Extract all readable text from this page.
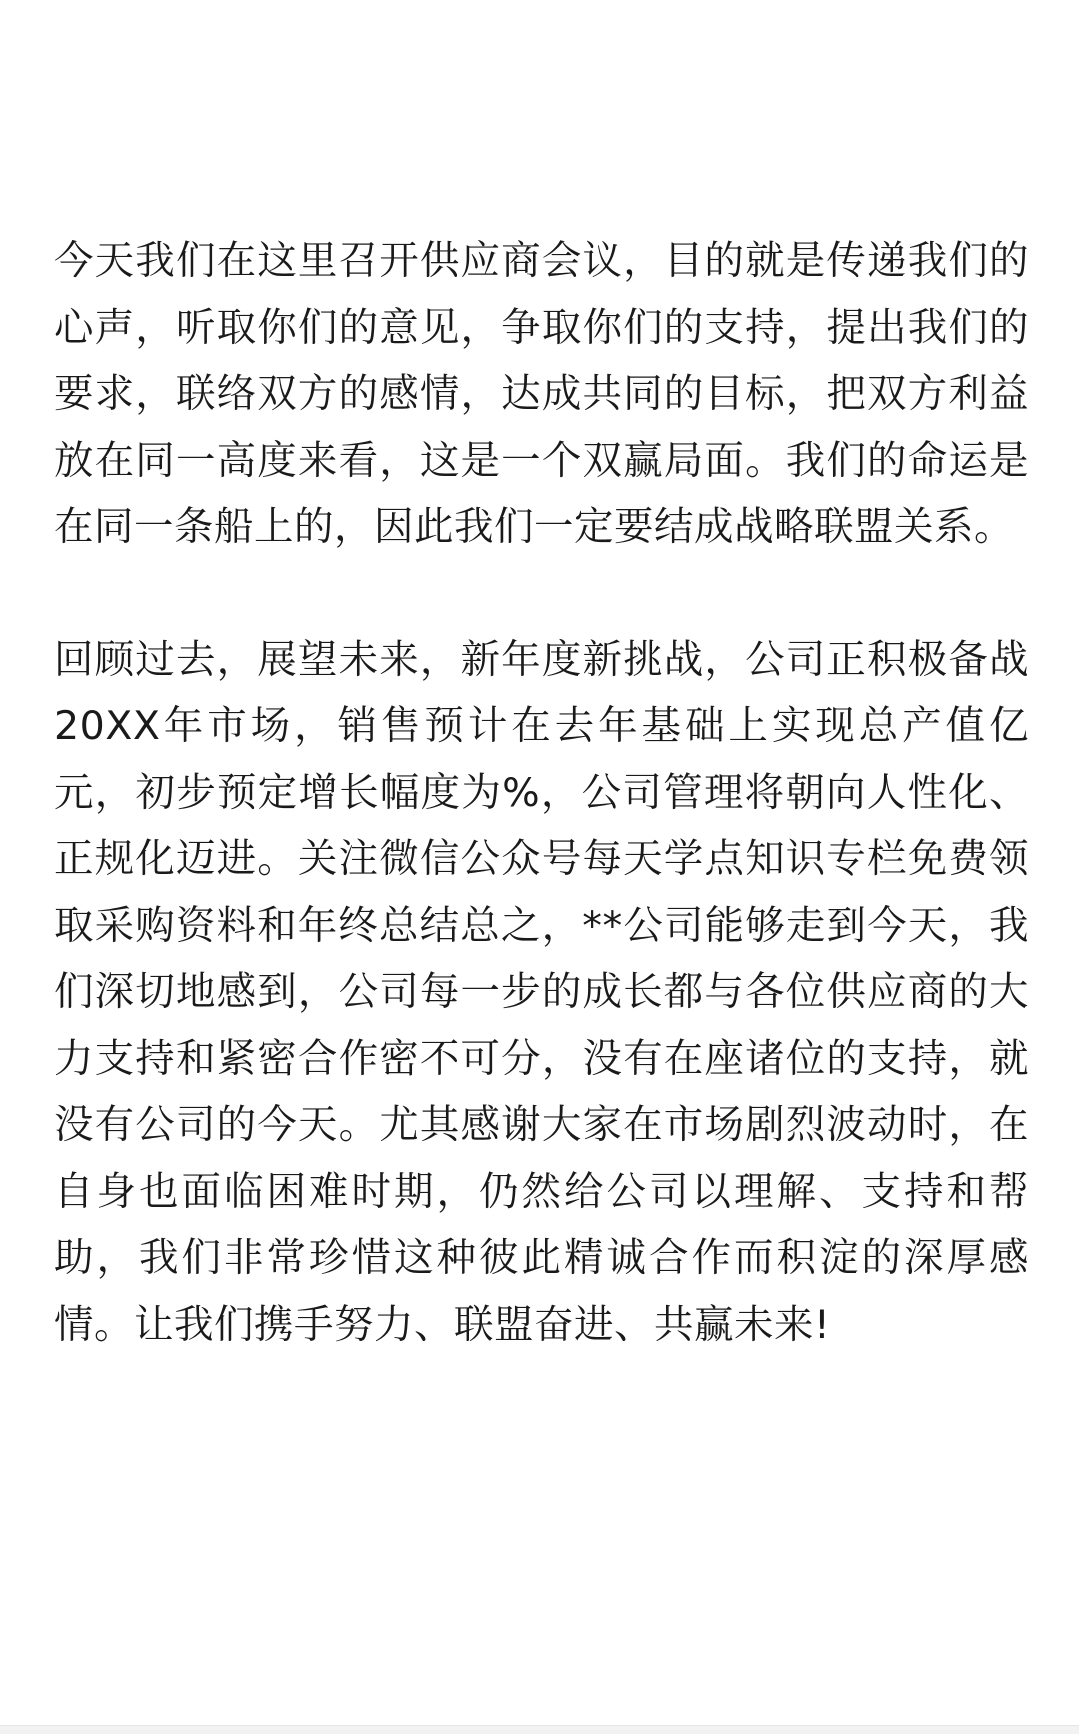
今天我们在这里召开供应商会议，目的就是传递我们的心声，听取你们的意见，争取你们的支持，提出我们的要求，联络双方的感情，达成共同的目标，把双方利益放在同一高度来看，这是一个双赢局面。我们的命运是在同一条船上的，因此我们一定要结成战略联盟关系。

回顾过去，展望未来，新年度新挑战，公司正积极备战20XX年市场，销售预计在去年基础上实现总产值亿元，初步预定增长幅度为%，公司管理将朝向人性化、正规化迈进。关注微信公众号每天学点知识专栏免费领取采购资料和年终总结总之，**公司能够走到今天，我们深切地感到，公司每一步的成长都与各位供应商的大力支持和紧密合作密不可分，没有在座诸位的支持，就没有公司的今天。尤其感谢大家在市场剧烈波动时，在自身也面临困难时期，仍然给公司以理解、支持和帮助，我们非常珍惜这种彼此精诚合作而积淀的深厚感情。让我们携手努力、联盟奋进、共赢未来!
